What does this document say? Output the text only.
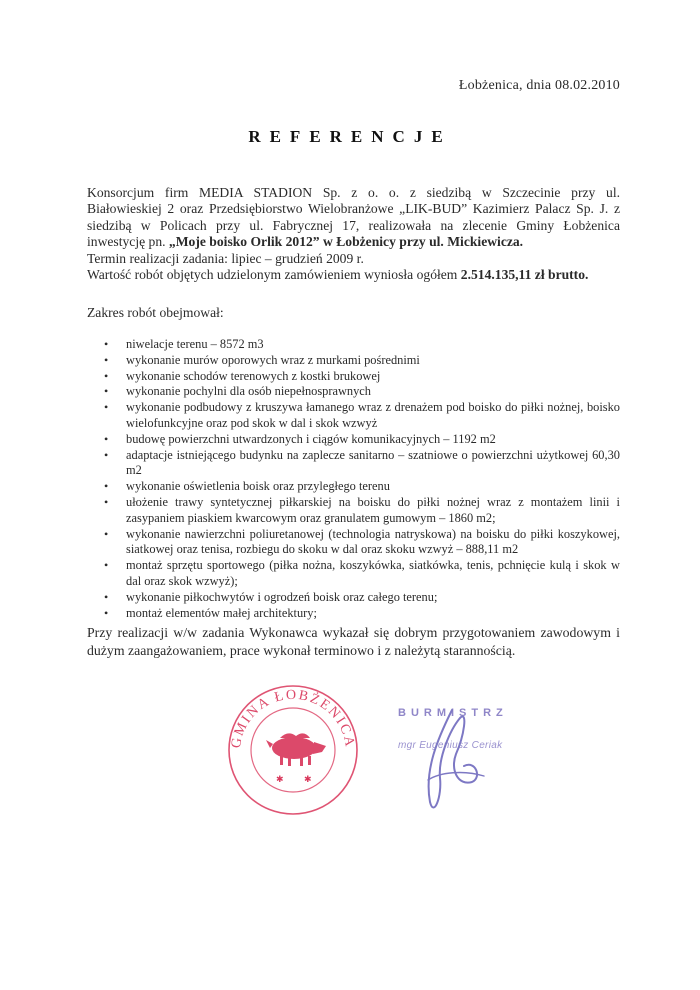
Łobżenica, dnia 08.02.2010
REFERENCJE
Konsorcjum firm MEDIA STADION Sp. z o. o. z siedzibą w Szczecinie przy ul.
Białowieskiej 2 oraz Przedsiębiorstwo Wielobranżowe „LIK-BUD” Kazimierz Palacz Sp. J. z
siedzibą w Policach przy ul. Fabrycznej 17, realizowała na zlecenie Gminy Łobżenica
inwestycję pn. „Moje boisko Orlik 2012” w Łobżenicy przy ul. Mickiewicza.
Termin realizacji zadania: lipiec – grudzień 2009 r.
Wartość robót objętych udzielonym zamówieniem wyniosła ogółem 2.514.135,11 zł brutto.
Zakres robót obejmował:
• niwelacje terenu – 8572 m3
• wykonanie murów oporowych wraz z murkami pośrednimi
• wykonanie schodów terenowych z kostki brukowej
• wykonanie pochylni dla osób niepełnosprawnych
• wykonanie podbudowy z kruszywa łamanego wraz z drenażem pod boisko do piłki nożnej, boisko wielofunkcyjne oraz pod skok w dal i skok wzwyż
• budowę powierzchni utwardzonych i ciągów komunikacyjnych – 1192 m2
• adaptacje istniejącego budynku na zaplecze sanitarno – szatniowe o powierzchni użytkowej 60,30 m2
• wykonanie oświetlenia boisk oraz przyległego terenu
• ułożenie trawy syntetycznej piłkarskiej na boisku do piłki nożnej wraz z montażem linii i zasypaniem piaskiem kwarcowym oraz granulatem gumowym – 1860 m2;
• wykonanie nawierzchni poliuretanowej (technologia natryskowa) na boisku do piłki koszykowej, siatkowej oraz tenisa, rozbiegu do skoku w dal oraz skoku wzwyż – 888,11 m2
• montaż sprzętu sportowego (piłka nożna, koszykówka, siatkówka, tenis, pchnięcie kulą i skok w dal oraz skok wzwyż);
• wykonanie piłkochwytów i ogrodzeń boisk oraz całego terenu;
• montaż elementów małej architektury;
Przy realizacji w/w zadania Wykonawca wykazał się dobrym przygotowaniem zawodowym i
dużym zaangażowaniem, prace wykonał terminowo i z należytą starannością.
GMINA ŁOBŻENICA
✱ ✱
BURMISTRZ
mgr Eugeniusz Ceriak
